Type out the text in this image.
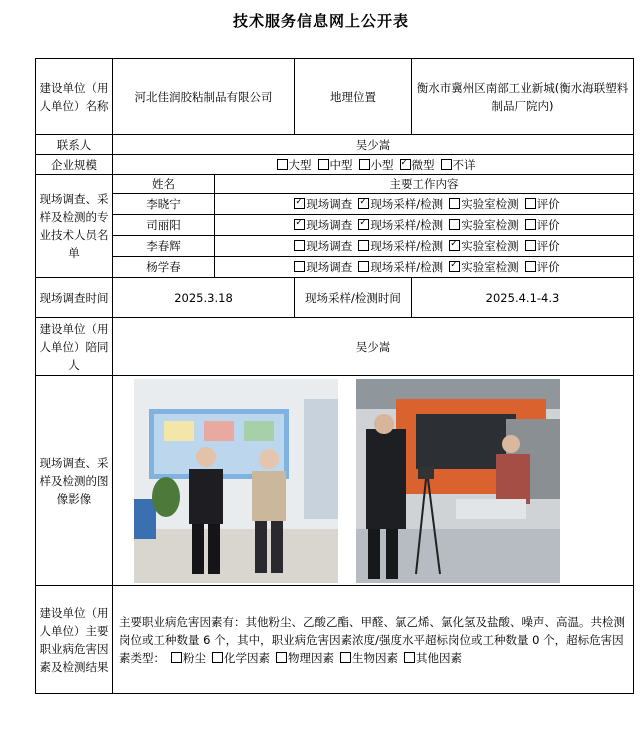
技术服务信息网上公开表
建设单位（用人单位）名称	河北佳润胶粘制品有限公司		地理位置	衡水市冀州区南部工业新城(衡水海联塑料制品厂院内)
联系人	吴少嵩			
企业规模	大型 中型 小型 ✓ 微型 不详
现场调查、采样及检测的专业技术人员名单	姓名	主要工作内容		
	李晓宁	✓现场调查 ✓ 现场采样/检测 实验室检测 评价
	司丽阳	✓现场调查 ✓ 现场采样/检测 实验室检测 评价
	李春辉	现场调查 现场采样/检测 ✓ 实验室检测 评价
	杨学春	现场调查 现场采样/检测 ✓ 实验室检测 评价
现场调查时间	2025.3.18		现场采样/检测时间	2025.4.1-4.3
建设单位（用人单位）陪同人	吴少嵩			
现场调查、采样及检测的图像影像	
建设单位（用人单位）主要职业病危害因素及检测结果	主要职业病危害因素有：其他粉尘、乙酸乙酯、甲醛、氯乙烯、氯化氢及盐酸、噪声、高温。共检测岗位或工种数量 6 个，其中，职业病危害因素浓度/强度水平超标岗位或工种数量 0 个，超标危害因素类型： 粉尘 化学因素 物理因素 生物因素 其他因素			
